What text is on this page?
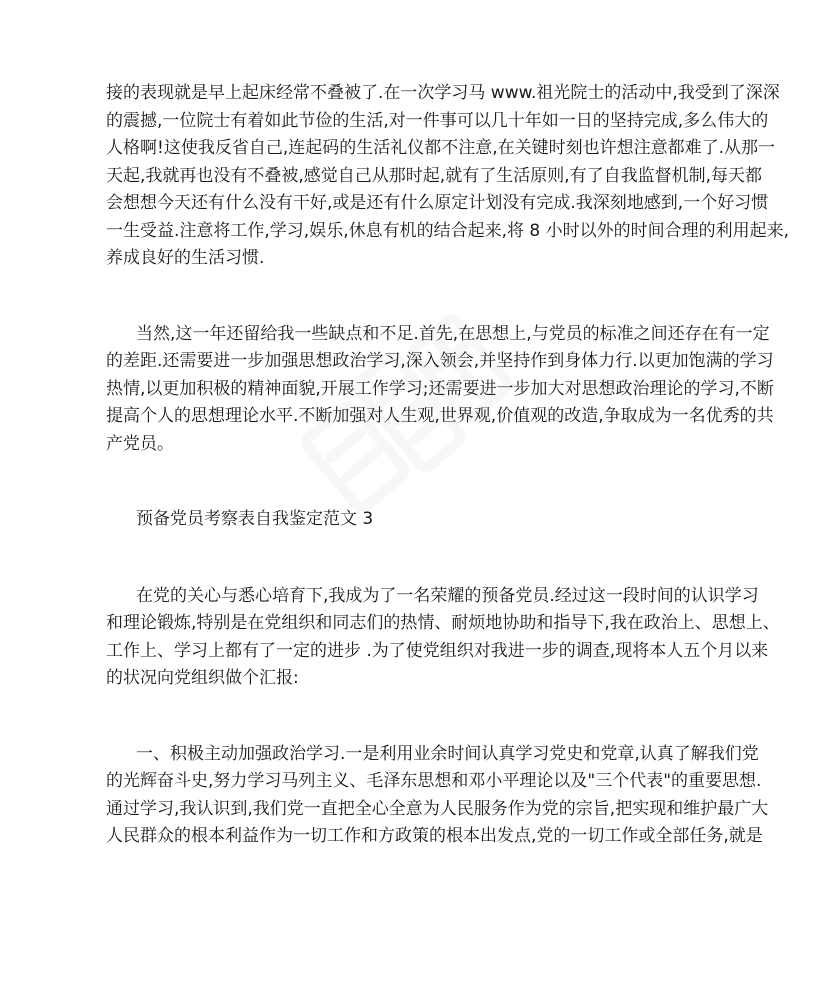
接的表现就是早上起床经常不叠被了.在一次学习马 www.祖光院士的活动中,我受到了深深
的震撼,一位院士有着如此节俭的生活,对一件事可以几十年如一日的坚持完成,多么伟大的
人格啊!这使我反省自己,连起码的生活礼仪都不注意,在关键时刻也许想注意都难了.从那一
天起,我就再也没有不叠被,感觉自己从那时起,就有了生活原则,有了自我监督机制,每天都
会想想今天还有什么没有干好,或是还有什么原定计划没有完成.我深刻地感到,一个好习惯
一生受益.注意将工作,学习,娱乐,休息有机的结合起来,将 8 小时以外的时间合理的利用起来,
养成良好的生活习惯.

当然,这一年还留给我一些缺点和不足.首先,在思想上,与党员的标准之间还存在有一定
的差距.还需要进一步加强思想政治学习,深入领会,并坚持作到身体力行.以更加饱满的学习
热情,以更加积极的精神面貌,开展工作学习;还需要进一步加大对思想政治理论的学习,不断
提高个人的思想理论水平.不断加强对人生观,世界观,价值观的改造,争取成为一名优秀的共
产党员。

预备党员考察表自我鉴定范文 3

在党的关心与悉心培育下,我成为了一名荣耀的预备党员.经过这一段时间的认识学习
和理论锻炼,特别是在党组织和同志们的热情、耐烦地协助和指导下,我在政治上、思想上、
工作上、学习上都有了一定的进步 .为了使党组织对我进一步的调查,现将本人五个月以来
的状况向党组织做个汇报:

一、积极主动加强政治学习.一是利用业余时间认真学习党史和党章,认真了解我们党
的光辉奋斗史,努力学习马列主义、毛泽东思想和邓小平理论以及"三个代表"的重要思想.
通过学习,我认识到,我们党一直把全心全意为人民服务作为党的宗旨,把实现和维护最广大
人民群众的根本利益作为一切工作和方政策的根本出发点,党的一切工作或全部任务,就是
